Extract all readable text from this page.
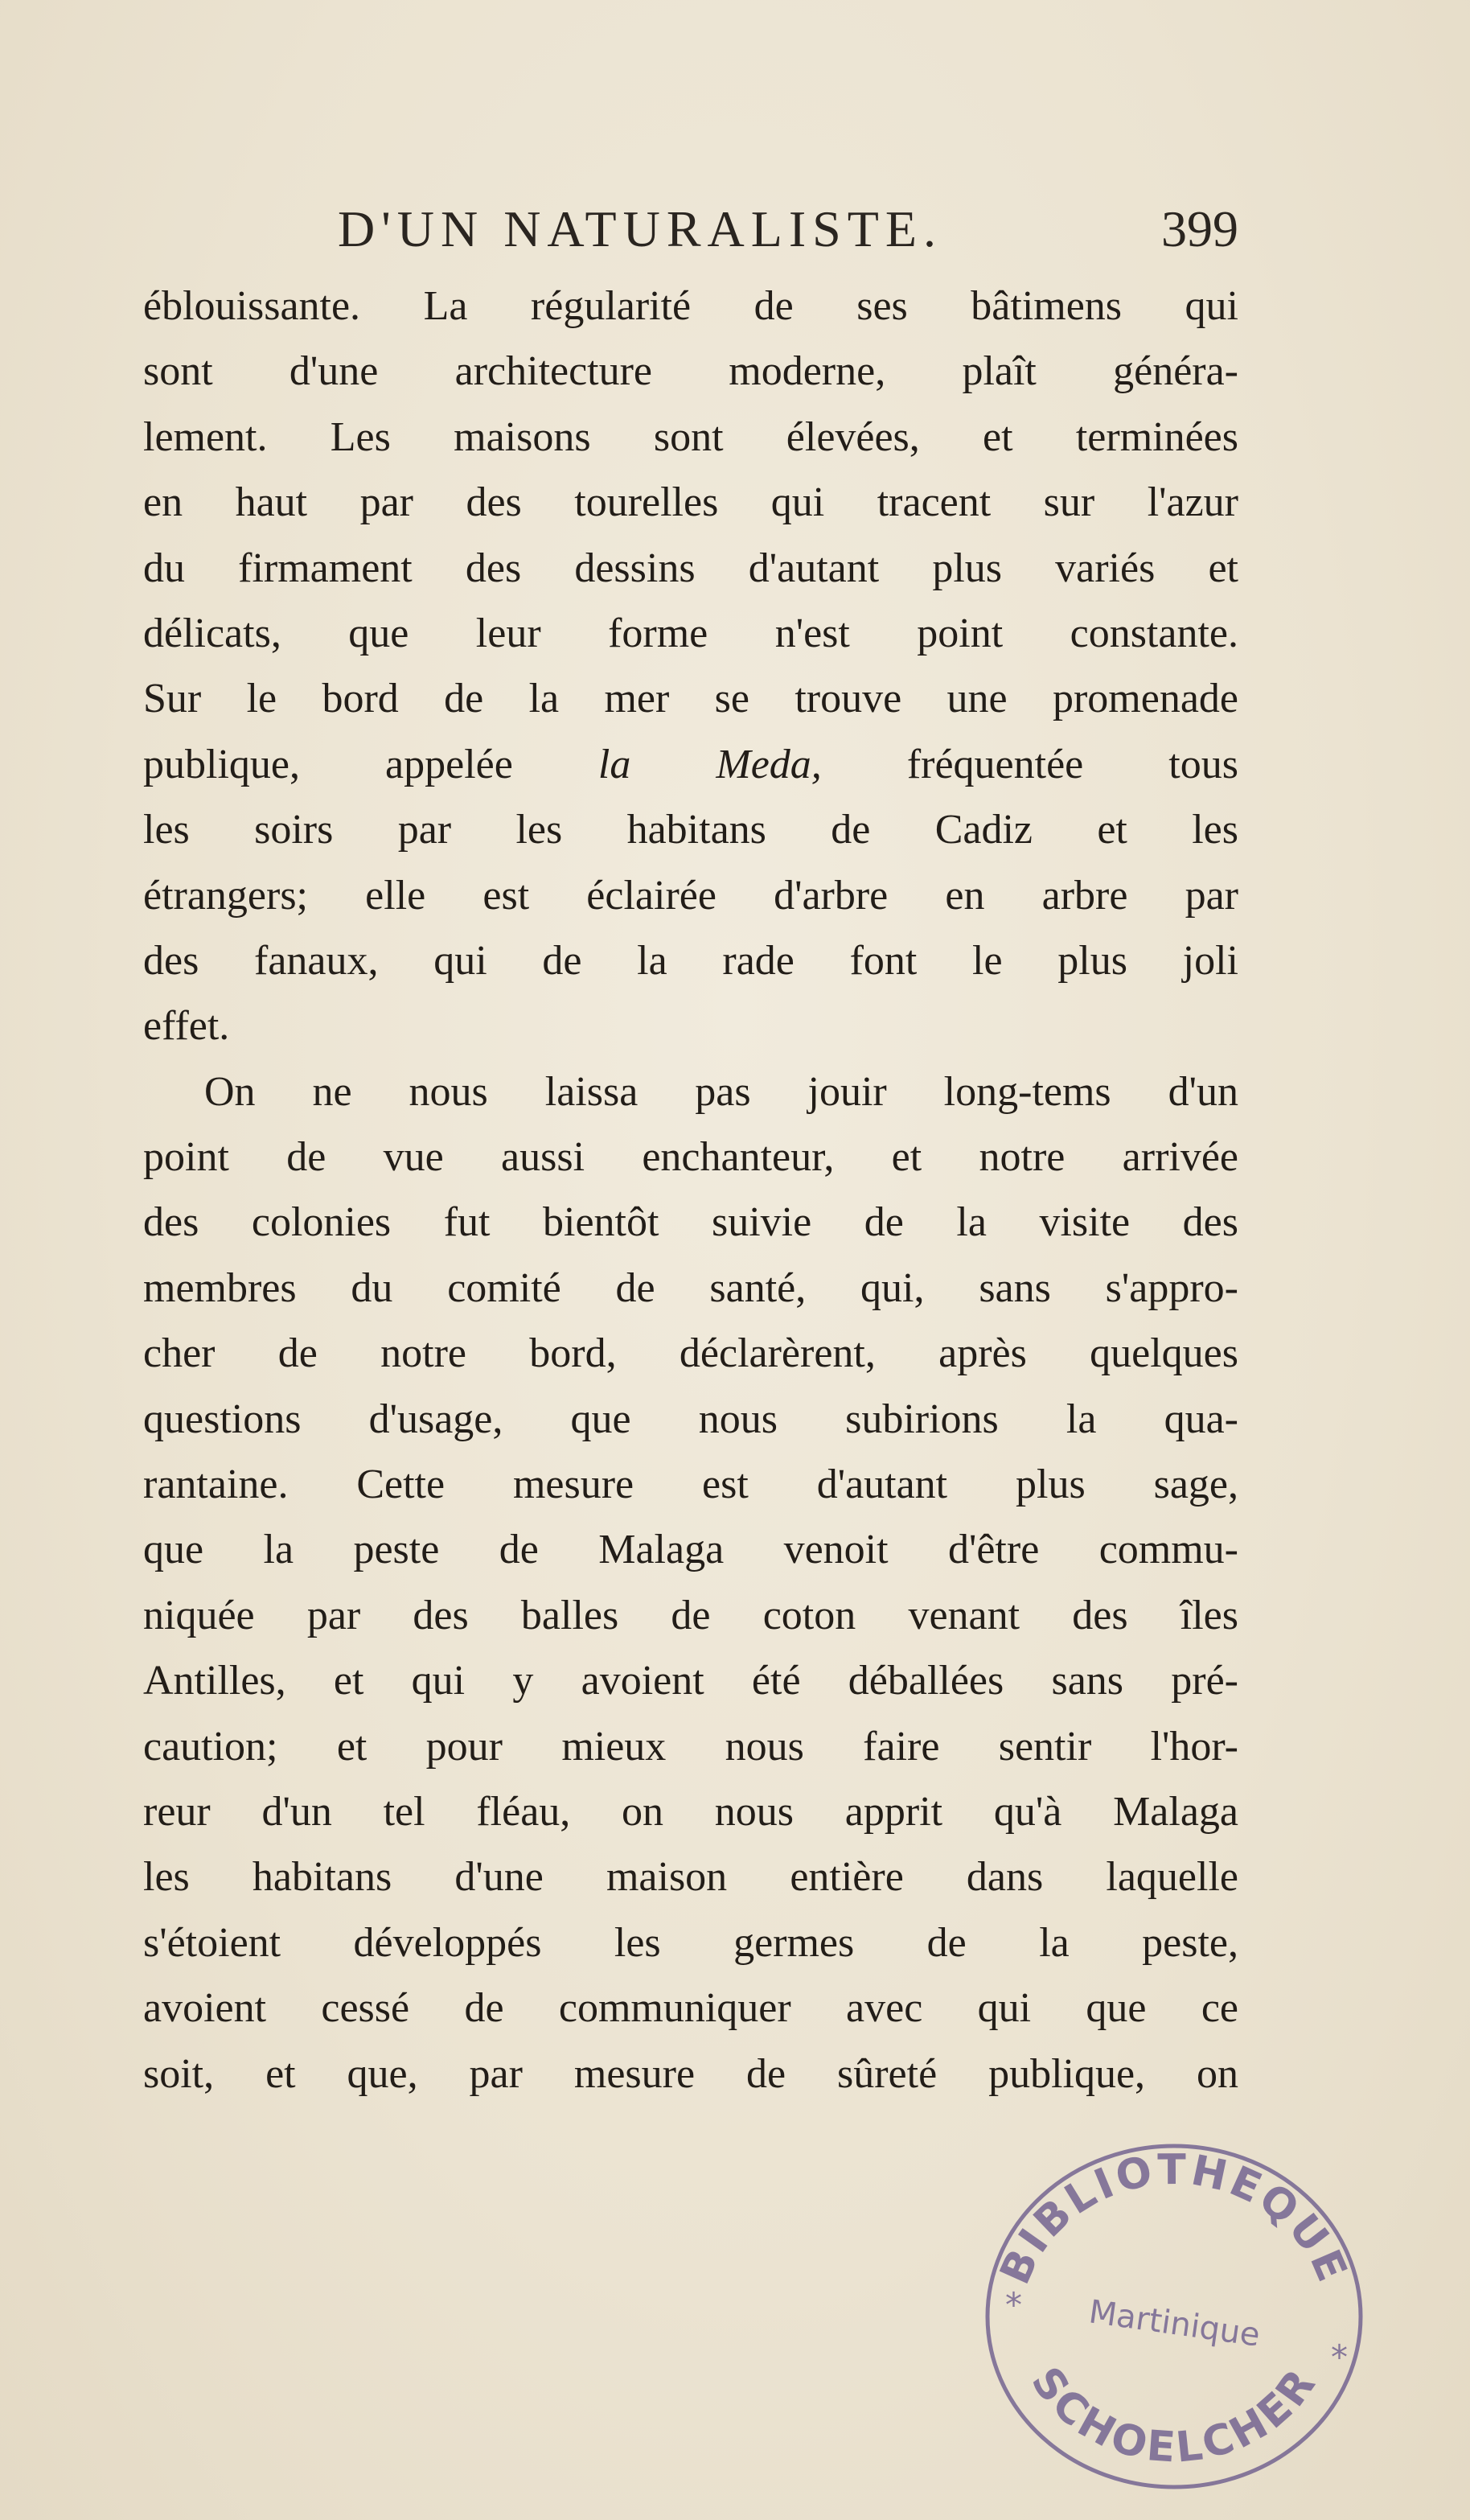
D'UN NATURALISTE.	399
éblouissante. La régularité de ses bâtimens qui
sont d'une architecture moderne, plaît généra-
lement. Les maisons sont élevées, et terminées
en haut par des tourelles qui tracent sur l'azur
du firmament des dessins d'autant plus variés et
délicats, que leur forme n'est point constante.
Sur le bord de la mer se trouve une promenade
publique, appelée la Meda, fréquentée tous
les soirs par les habitans de Cadiz et les
étrangers; elle est éclairée d'arbre en arbre par
des fanaux, qui de la rade font le plus joli
effet.
On ne nous laissa pas jouir long-tems d'un
point de vue aussi enchanteur, et notre arrivée
des colonies fut bientôt suivie de la visite des
membres du comité de santé, qui, sans s'appro-
cher de notre bord, déclarèrent, après quelques
questions d'usage, que nous subirions la qua-
rantaine. Cette mesure est d'autant plus sage,
que la peste de Malaga venoit d'être commu-
niquée par des balles de coton venant des îles
Antilles, et qui y avoient été déballées sans pré-
caution; et pour mieux nous faire sentir l'hor-
reur d'un tel fléau, on nous apprit qu'à Malaga
les habitans d'une maison entière dans laquelle
s'étoient développés les germes de la peste,
avoient cessé de communiquer avec qui que ce
soit, et que, par mesure de sûreté publique, on
BIBLIOTHEQUE
SCHOELCHER
Martinique
*
*
